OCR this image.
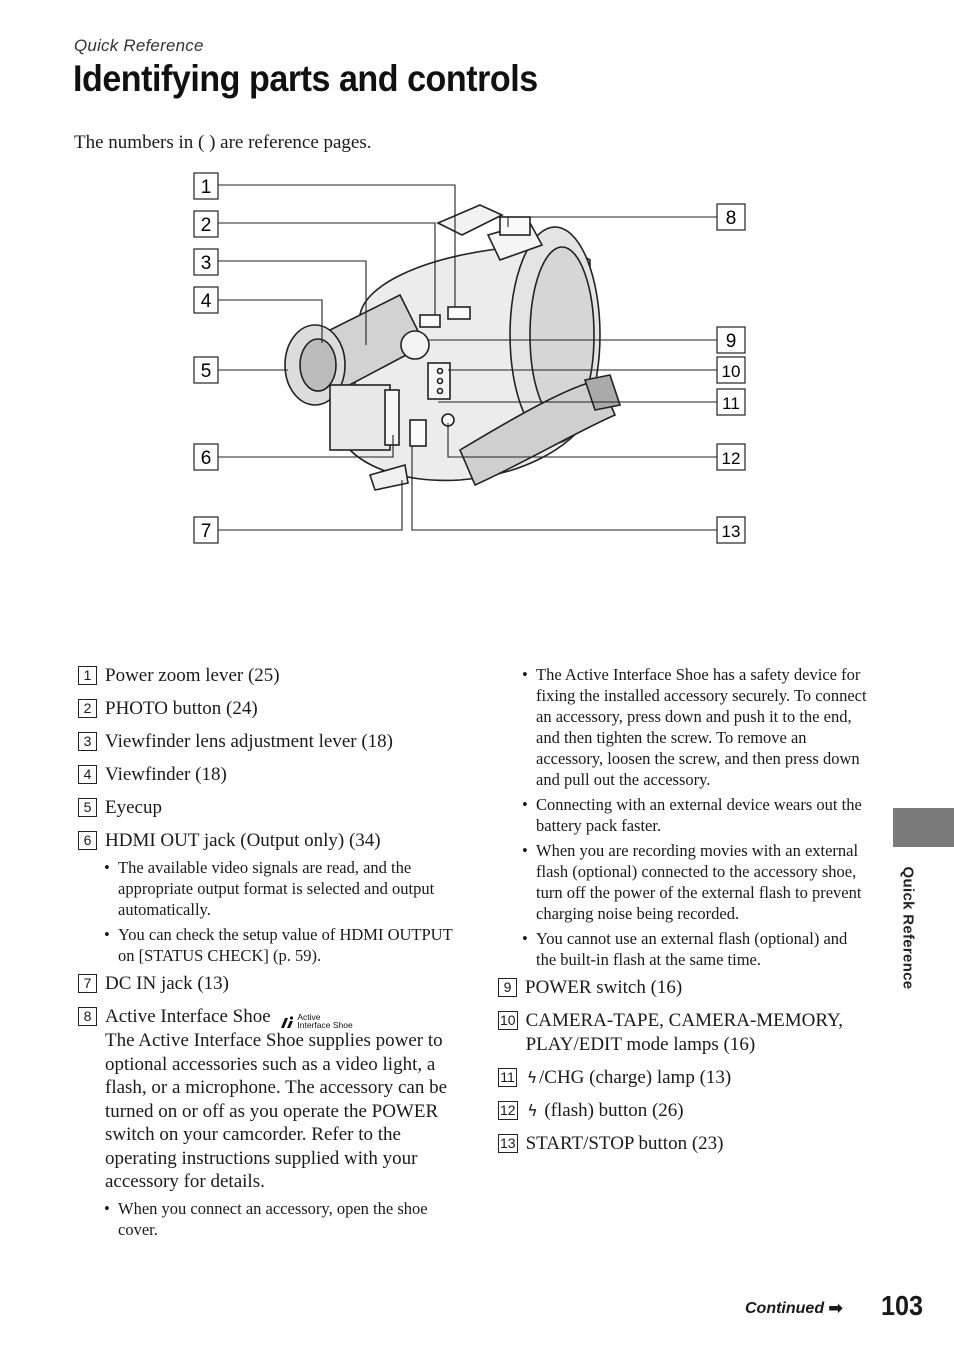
Quick Reference
Identifying parts and controls

The numbers in ( ) are reference pages.

1
2
3
4
5
6
7
8
9
10
11
12
13
1 Power zoom lever (25)
2 PHOTO button (24)
3 Viewfinder lens adjustment lever (18)
4 Viewfinder (18)
5 Eyecup
6 HDMI OUT jack (Output only) (34)
• The available video signals are read, and the appropriate output format is selected and output automatically.
• You can check the setup value of HDMI OUTPUT on [STATUS CHECK] (p. 59).
7 DC IN jack (13)
8 Active Interface Shoe	Active
Interface Shoe
The Active Interface Shoe supplies power to optional accessories such as a video light, a flash, or a microphone. The accessory can be turned on or off as you operate the POWER switch on your camcorder. Refer to the operating instructions supplied with your accessory for details.
• When you connect an accessory, open the shoe cover.
• The Active Interface Shoe has a safety device for fixing the installed accessory securely. To connect an accessory, press down and push it to the end, and then tighten the screw. To remove an accessory, loosen the screw, and then press down and pull out the accessory.
• Connecting with an external device wears out the battery pack faster.
• When you are recording movies with an external flash (optional) connected to the accessory shoe, turn off the power of the external flash to prevent charging noise being recorded.
• You cannot use an external flash (optional) and the built-in flash at the same time.
9 POWER switch (16)
10 CAMERA-TAPE, CAMERA-MEMORY, PLAY/EDIT mode lamps (16)
11 ϟ/CHG (charge) lamp (13)
12 ϟ (flash) button (26)
13 START/STOP button (23)
Quick Reference
Continued ➡ 103
